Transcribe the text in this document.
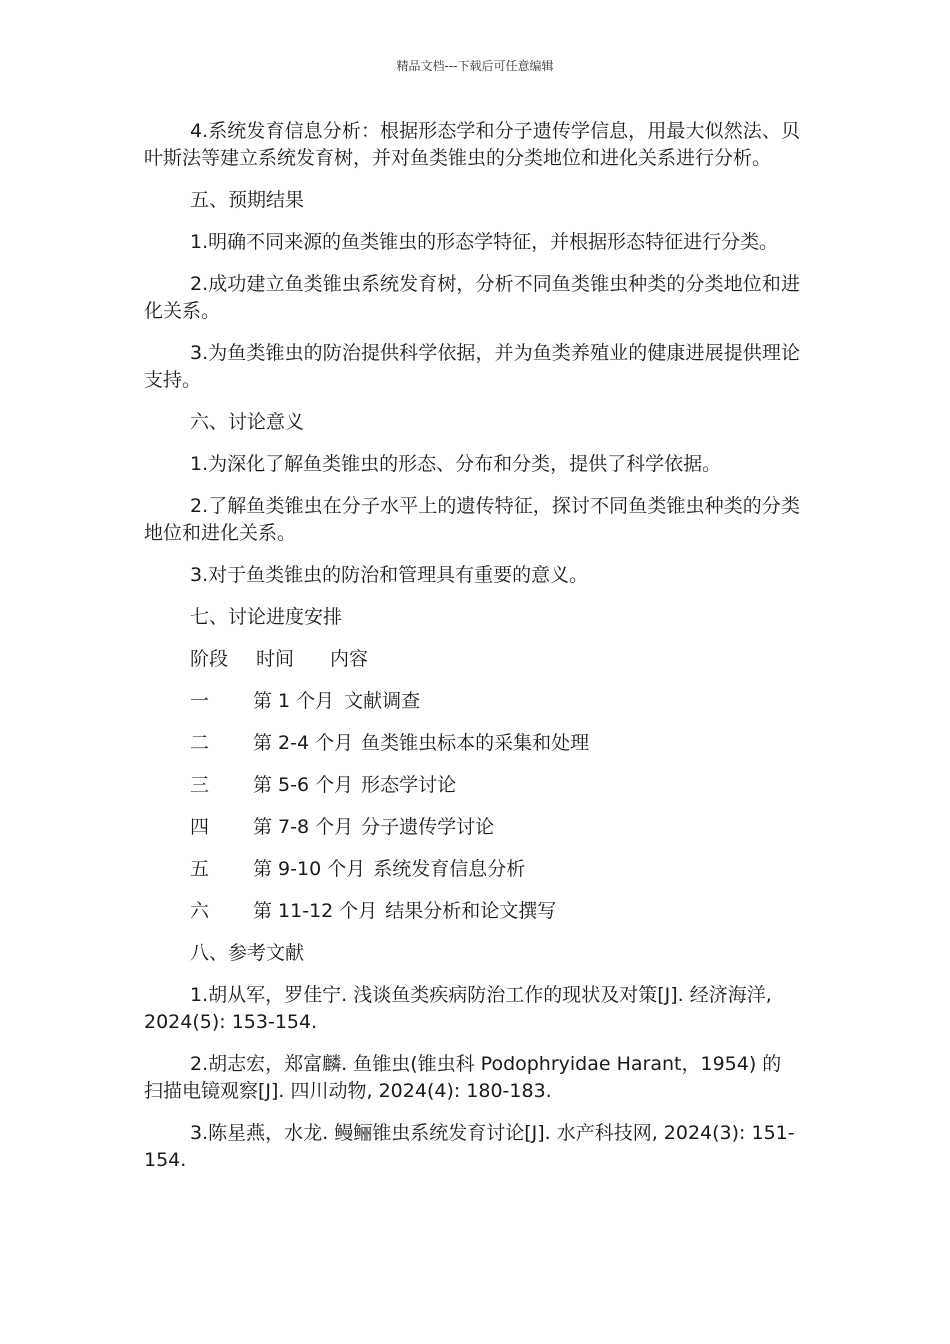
精品文档---下载后可任意编辑

4.系统发育信息分析：根据形态学和分子遗传学信息，用最大似然法、贝叶斯法等建立系统发育树，并对鱼类锥虫的分类地位和进化关系进行分析。

五、预期结果

1.明确不同来源的鱼类锥虫的形态学特征，并根据形态特征进行分类。

2.成功建立鱼类锥虫系统发育树，分析不同鱼类锥虫种类的分类地位和进化关系。

3.为鱼类锥虫的防治提供科学依据，并为鱼类养殖业的健康进展提供理论支持。

六、讨论意义

1.为深化了解鱼类锥虫的形态、分布和分类，提供了科学依据。

2.了解鱼类锥虫在分子水平上的遗传特征，探讨不同鱼类锥虫种类的分类地位和进化关系。

3.对于鱼类锥虫的防治和管理具有重要的意义。

七、讨论进度安排

阶段	时间	内容
一	第 1 个月 文献调查
二	第 2-4 个月 鱼类锥虫标本的采集和处理
三	第 5-6 个月 形态学讨论
四	第 7-8 个月 分子遗传学讨论
五	第 9-10 个月 系统发育信息分析
六	第 11-12 个月 结果分析和论文撰写

八、参考文献

1.胡从军，罗佳宁. 浅谈鱼类疾病防治工作的现状及对策[J]. 经济海洋, 2024(5): 153-154.

2.胡志宏，郑富麟. 鱼锥虫(锥虫科 Podophryidae Harant，1954) 的扫描电镜观察[J]. 四川动物, 2024(4): 180-183.

3.陈星燕，水龙. 鳗鲡锥虫系统发育讨论[J]. 水产科技网, 2024(3): 151-154.
